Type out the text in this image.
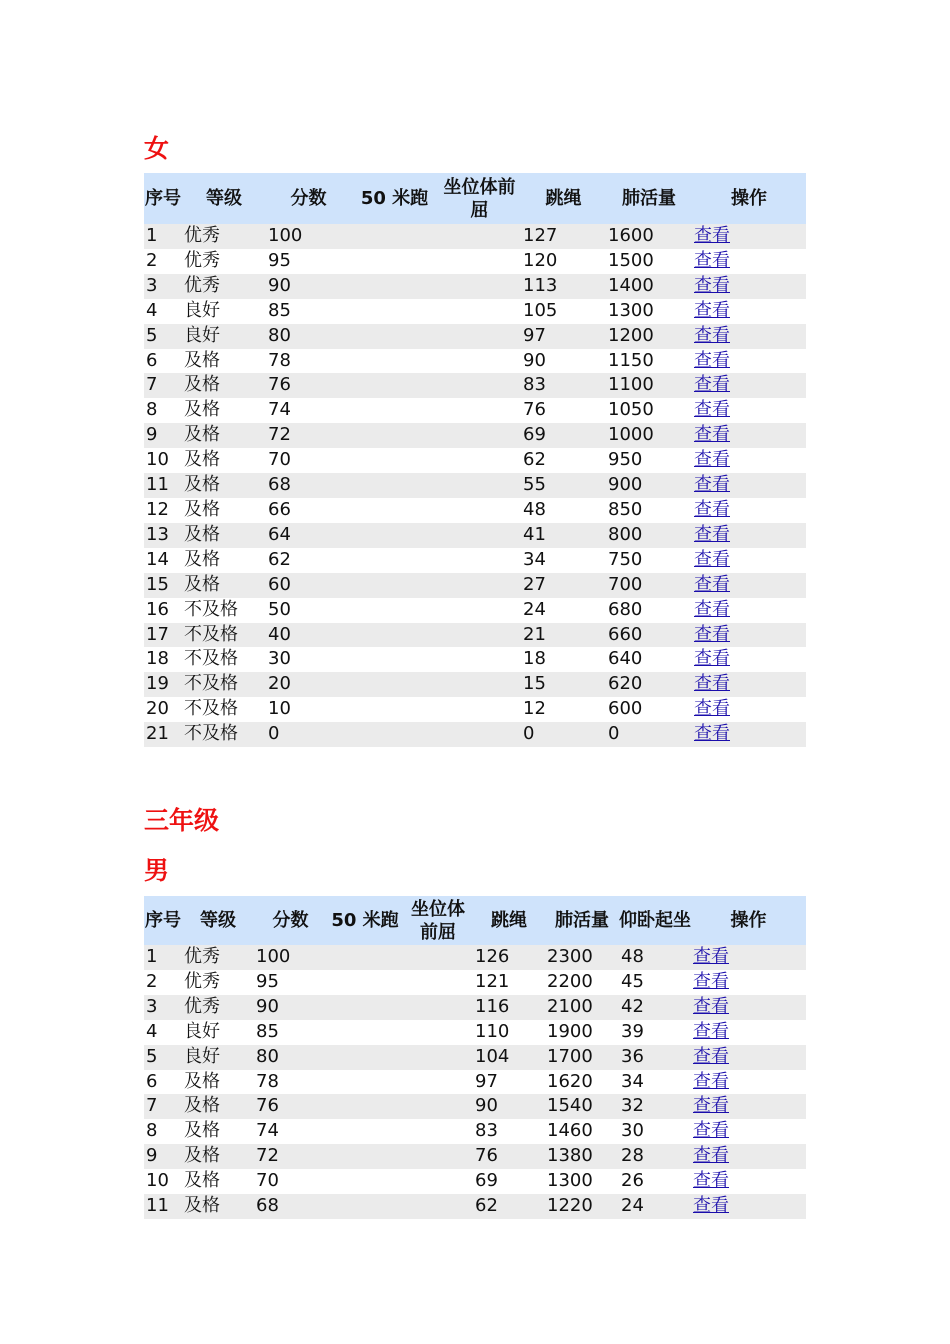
女
序号	等级	分数	50 米跑	坐位体前屈	跳绳	肺活量	操作
1	优秀	100			127	1600	查看
2	优秀	95			120	1500	查看
3	优秀	90			113	1400	查看
4	良好	85			105	1300	查看
5	良好	80			97	1200	查看
6	及格	78			90	1150	查看
7	及格	76			83	1100	查看
8	及格	74			76	1050	查看
9	及格	72			69	1000	查看
10	及格	70			62	950	查看
11	及格	68			55	900	查看
12	及格	66			48	850	查看
13	及格	64			41	800	查看
14	及格	62			34	750	查看
15	及格	60			27	700	查看
16	不及格	50			24	680	查看
17	不及格	40			21	660	查看
18	不及格	30			18	640	查看
19	不及格	20			15	620	查看
20	不及格	10			12	600	查看
21	不及格	0			0	0	查看
三年级
男
序号	等级	分数	50 米跑	坐位体前屈	跳绳	肺活量	仰卧起坐	操作
1	优秀	100			126	2300	48	查看
2	优秀	95			121	2200	45	查看
3	优秀	90			116	2100	42	查看
4	良好	85			110	1900	39	查看
5	良好	80			104	1700	36	查看
6	及格	78			97	1620	34	查看
7	及格	76			90	1540	32	查看
8	及格	74			83	1460	30	查看
9	及格	72			76	1380	28	查看
10	及格	70			69	1300	26	查看
11	及格	68			62	1220	24	查看
